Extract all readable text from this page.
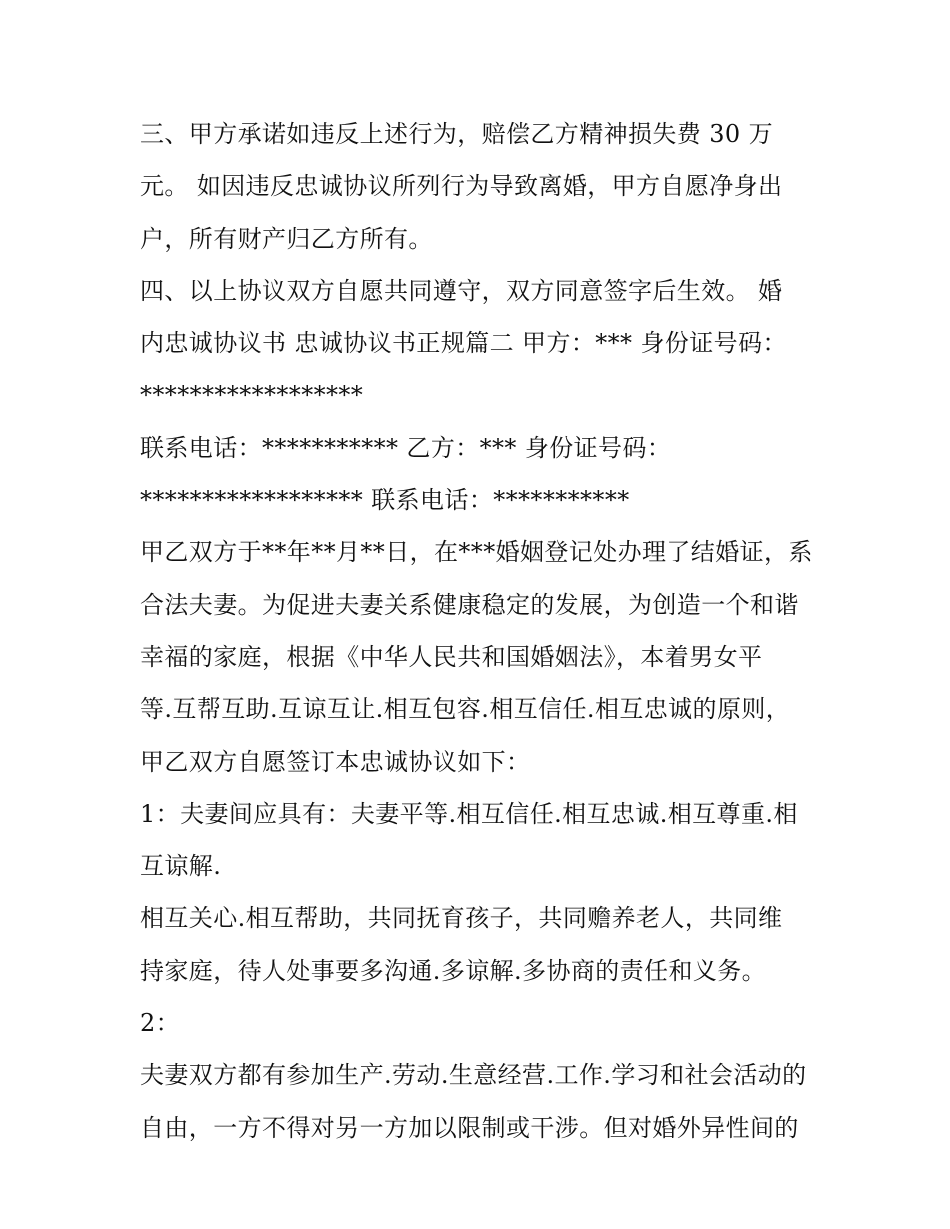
三、甲方承诺如违反上述行为，赔偿乙方精神损失费 30 万
元。 如因违反忠诚协议所列行为导致离婚，甲方自愿净身出
户，所有财产归乙方所有。
四、以上协议双方自愿共同遵守，双方同意签字后生效。 婚
内忠诚协议书 忠诚协议书正规篇二 甲方：*** 身份证号码：
******************
联系电话：*********** 乙方：*** 身份证号码：
****************** 联系电话：***********
甲乙双方于**年**月**日，在***婚姻登记处办理了结婚证，系
合法夫妻。为促进夫妻关系健康稳定的发展，为创造一个和谐
幸福的家庭，根据《中华人民共和国婚姻法》，本着男女平
等.互帮互助.互谅互让.相互包容.相互信任.相互忠诚的原则，
甲乙双方自愿签订本忠诚协议如下：
1：夫妻间应具有：夫妻平等.相互信任.相互忠诚.相互尊重.相
互谅解.
相互关心.相互帮助，共同抚育孩子，共同赡养老人，共同维
持家庭，待人处事要多沟通.多谅解.多协商的责任和义务。
2：
夫妻双方都有参加生产.劳动.生意经营.工作.学习和社会活动的
自由，一方不得对另一方加以限制或干涉。但对婚外异性间的
